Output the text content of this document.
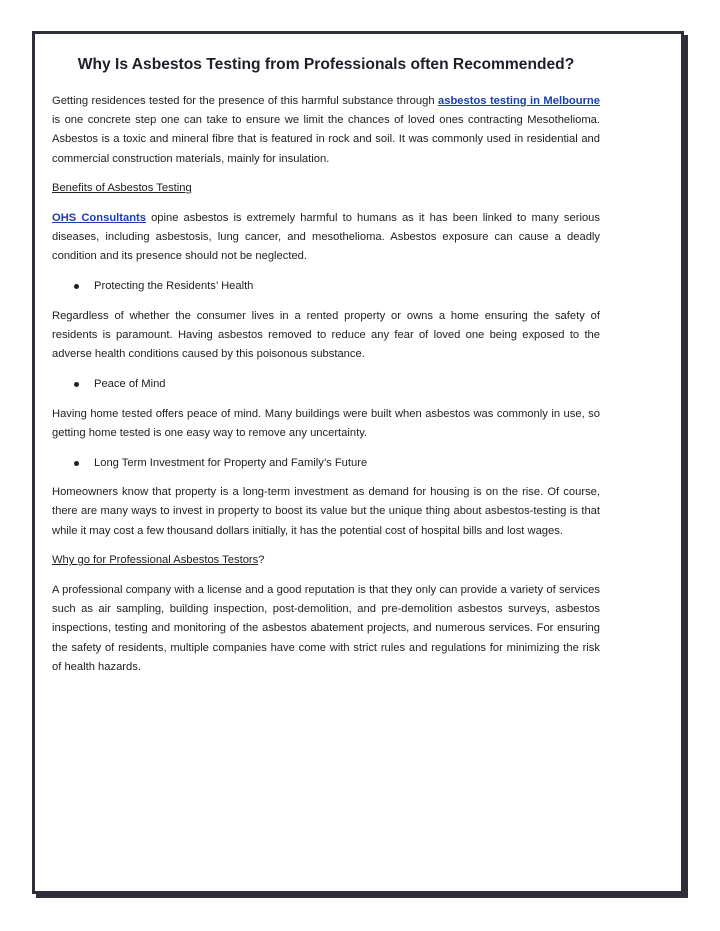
Why Is Asbestos Testing from Professionals often Recommended?

Getting residences tested for the presence of this harmful substance through asbestos testing in Melbourne is one concrete step one can take to ensure we limit the chances of loved ones contracting Mesothelioma. Asbestos is a toxic and mineral fibre that is featured in rock and soil. It was commonly used in residential and commercial construction materials, mainly for insulation.

Benefits of Asbestos Testing

OHS Consultants opine asbestos is extremely harmful to humans as it has been linked to many serious diseases, including asbestosis, lung cancer, and mesothelioma. Asbestos exposure can cause a deadly condition and its presence should not be neglected.

Protecting the Residents’ Health

Regardless of whether the consumer lives in a rented property or owns a home ensuring the safety of residents is paramount. Having asbestos removed to reduce any fear of loved one being exposed to the adverse health conditions caused by this poisonous substance.

Peace of Mind

Having home tested offers peace of mind. Many buildings were built when asbestos was commonly in use, so getting home tested is one easy way to remove any uncertainty.

Long Term Investment for Property and Family’s Future

Homeowners know that property is a long-term investment as demand for housing is on the rise. Of course, there are many ways to invest in property to boost its value but the unique thing about asbestos-testing is that while it may cost a few thousand dollars initially, it has the potential cost of hospital bills and lost wages.

Why go for Professional Asbestos Testors?

A professional company with a license and a good reputation is that they only can provide a variety of services such as air sampling, building inspection, post-demolition, and pre-demolition asbestos surveys, asbestos inspections, testing and monitoring of the asbestos abatement projects, and numerous services. For ensuring the safety of residents, multiple companies have come with strict rules and regulations for minimizing the risk of health hazards.
